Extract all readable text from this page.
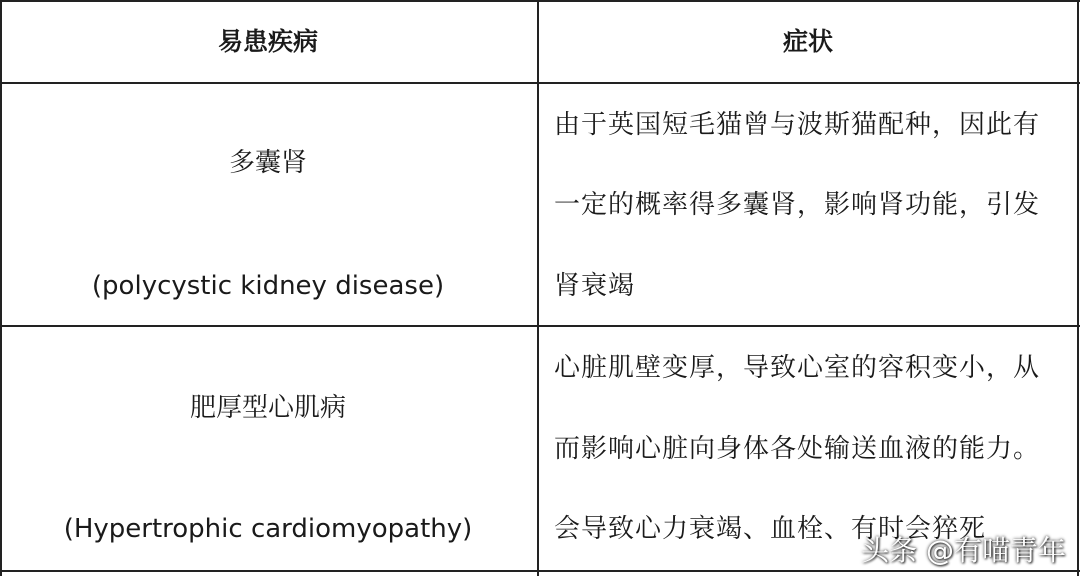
易患疾病	症状
多囊肾
(polycystic kidney disease)
由于英国短毛猫曾与波斯猫配种，因此有
一定的概率得多囊肾，影响肾功能，引发
肾衰竭
肥厚型心肌病
(Hypertrophic cardiomyopathy)
心脏肌壁变厚，导致心室的容积变小，从
而影响心脏向身体各处输送血液的能力。
会导致心力衰竭、血栓、有时会猝死
头条 @有喵青年
